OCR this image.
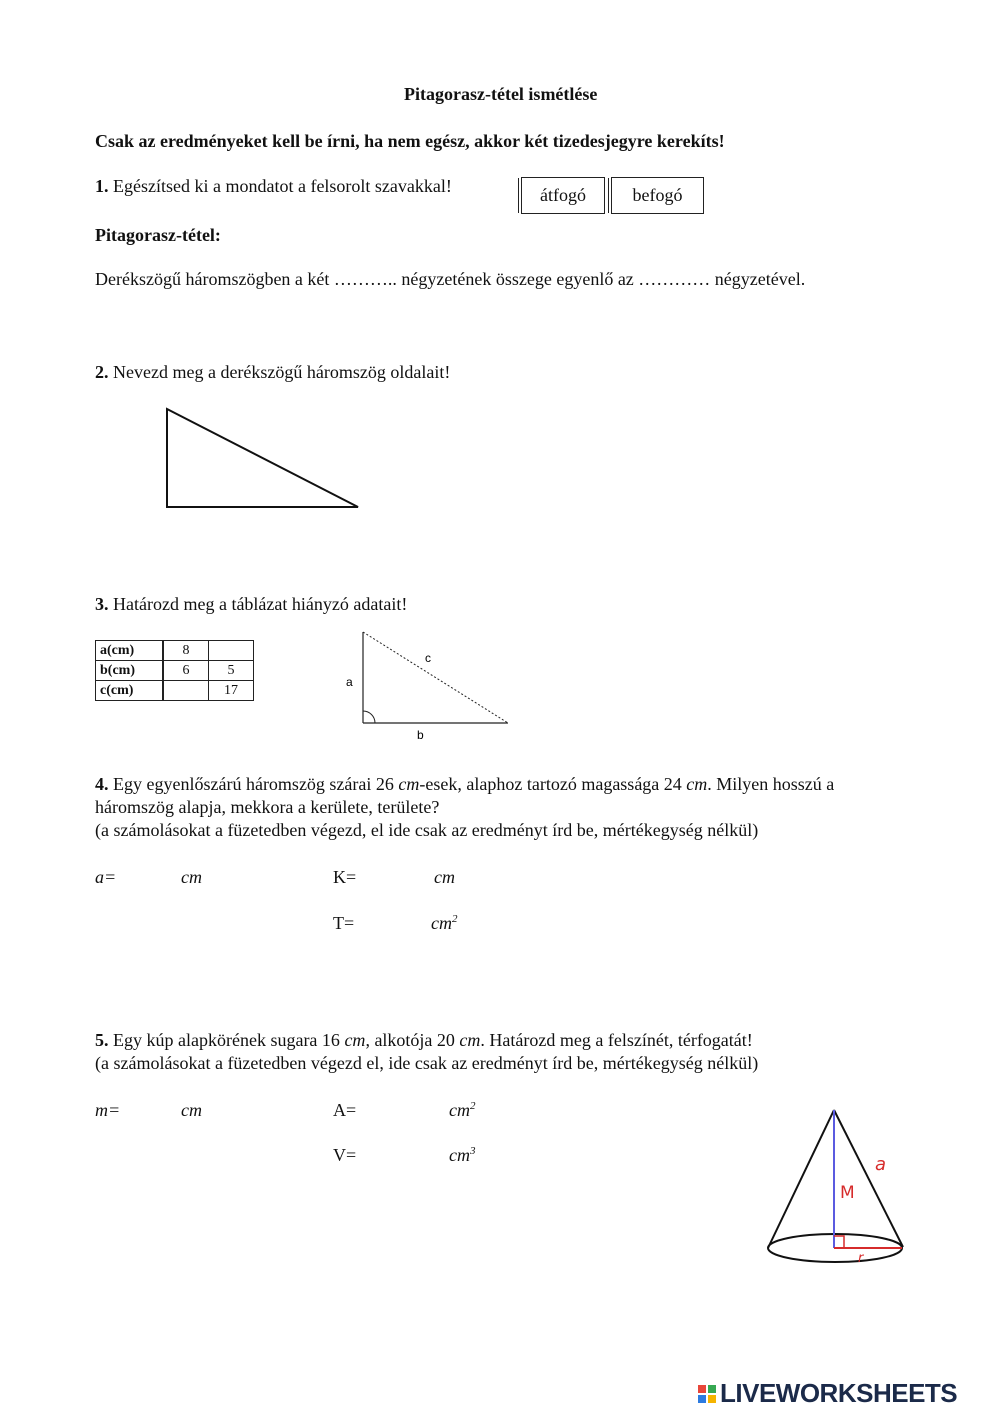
Pitagorasz-tétel ismétlése
Csak az eredményeket kell be írni, ha nem egész, akkor két tizedesjegyre kerekíts!
1. Egészítsed ki a mondatot a felsorolt szavakkal!	átfogó	befogó
Pitagorasz-tétel:
Derékszögű háromszögben a két ……….. négyzetének összege egyenlő az ………… négyzetével.
2. Nevezd meg a derékszögű háromszög oldalait!
3. Határozd meg a táblázat hiányzó adatait!
a(cm)	8	
b(cm)	6	5
c(cm)		17
a
c
b
4. Egy egyenlőszárú háromszög szárai 26 cm-esek, alaphoz tartozó magassága 24 cm. Milyen hosszú a
háromszög alapja, mekkora a kerülete, területe?
(a számolásokat a füzetedben végezd, el ide csak az eredményt írd be, mértékegység nélkül)
a=	cm	K=	cm
T=	$cm^2$
5. Egy kúp alapkörének sugara 16 cm, alkotója 20 cm. Határozd meg a felszínét, térfogatát!
(a számolásokat a füzetedben végezd el, ide csak az eredményt írd be, mértékegység nélkül)
m=	cm	A=	$cm^2$
V=	$cm^3$
M
a
r
LIVEWORKSHEETS
